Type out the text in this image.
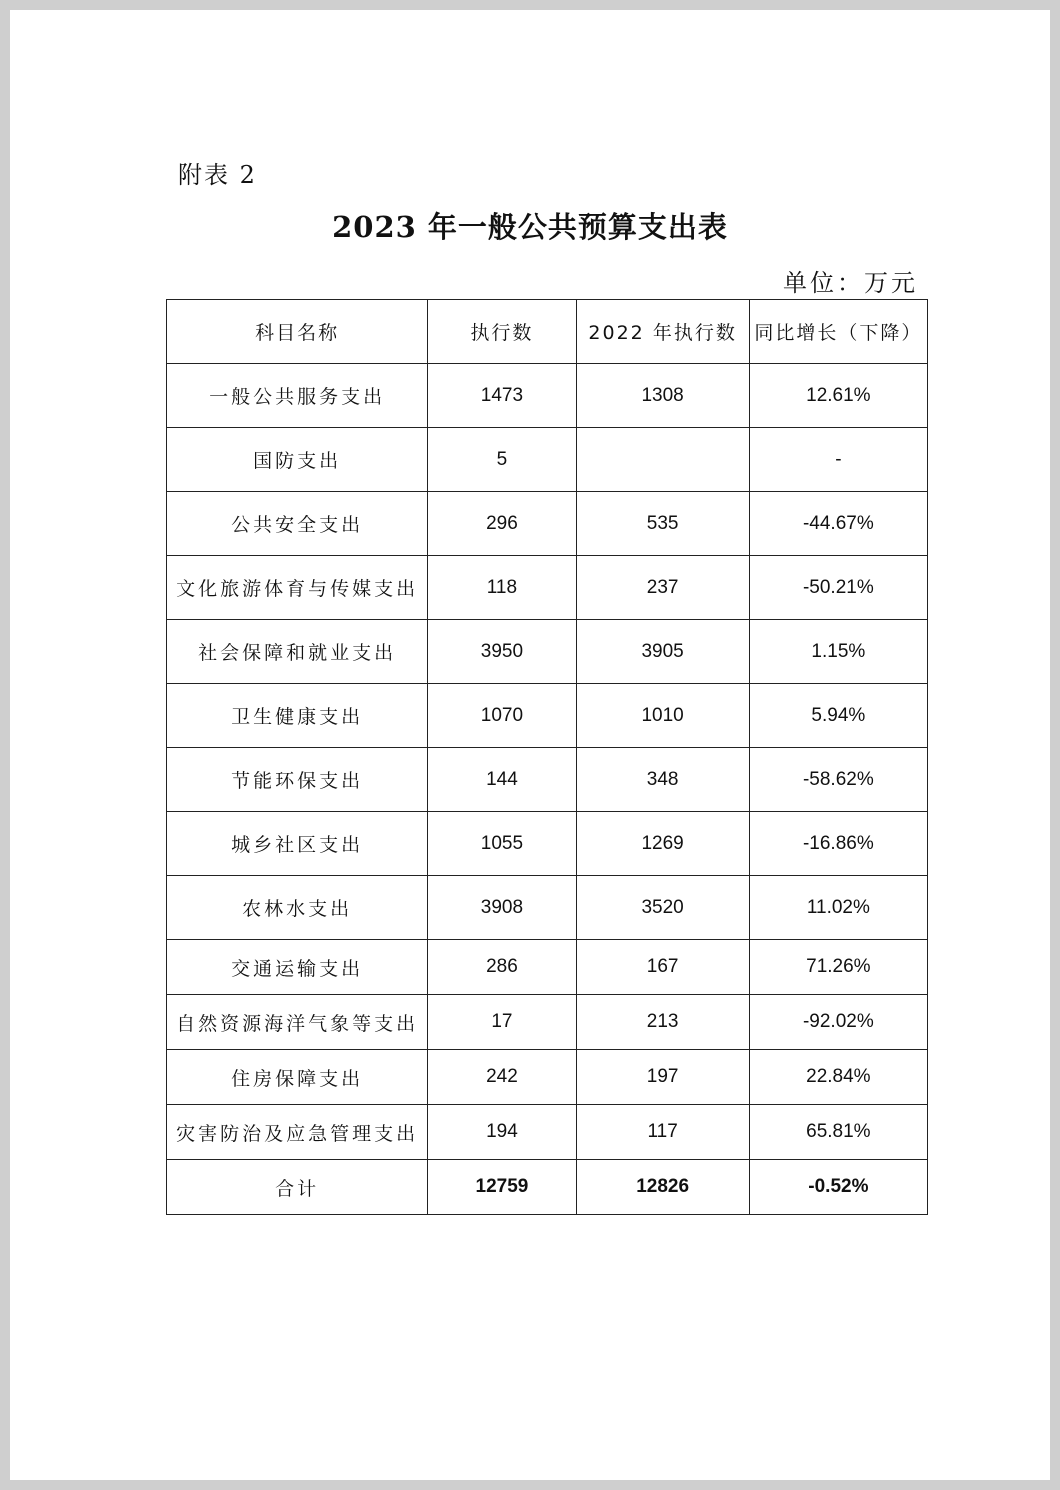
附表 2
2023 年一般公共预算支出表
单位：万元
科目名称	执行数	2022 年执行数	同比增长（下降）
一般公共服务支出	1473	1308	12.61%
国防支出	5		-
公共安全支出	296	535	-44.67%
文化旅游体育与传媒支出	118	237	-50.21%
社会保障和就业支出	3950	3905	1.15%
卫生健康支出	1070	1010	5.94%
节能环保支出	144	348	-58.62%
城乡社区支出	1055	1269	-16.86%
农林水支出	3908	3520	11.02%
交通运输支出	286	167	71.26%
自然资源海洋气象等支出	17	213	-92.02%
住房保障支出	242	197	22.84%
灾害防治及应急管理支出	194	117	65.81%
合计	12759	12826	-0.52%
